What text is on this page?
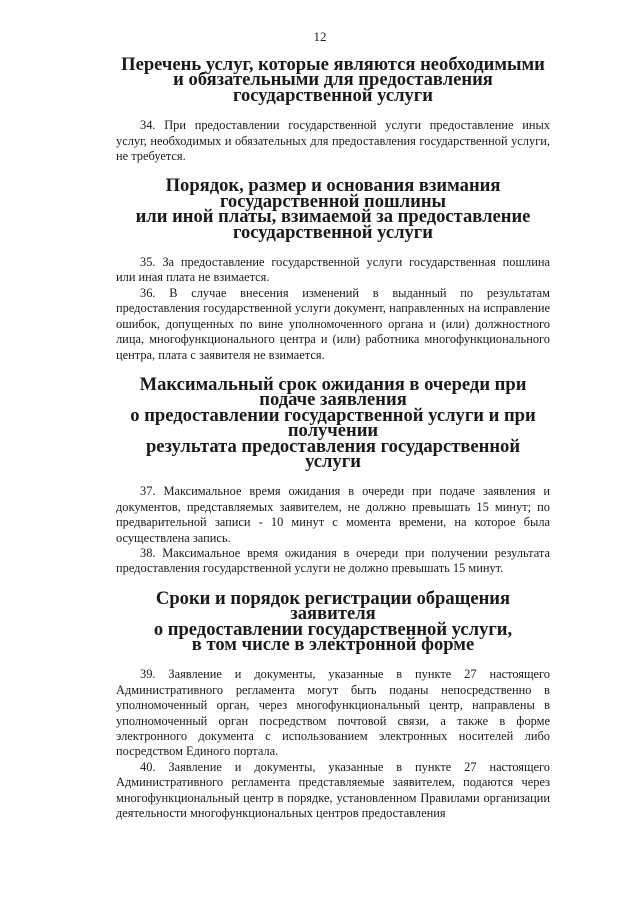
12
Перечень услуг, которые являются необходимыми
и обязательными для предоставления государственной услуги

34. При предоставлении государственной услуги предоставление иных услуг, необходимых и обязательных для предоставления государственной услуги, не требуется.

Порядок, размер и основания взимания государственной пошлины
или иной платы, взимаемой за предоставление
государственной услуги

35. За предоставление государственной услуги государственная пошлина или иная плата не взимается.

36. В случае внесения изменений в выданный по результатам предоставления государственной услуги документ, направленных на исправление ошибок, допущенных по вине уполномоченного органа и (или) должностного лица, многофункционального центра и (или) работника многофункционального центра, плата с заявителя не взимается.

Максимальный срок ожидания в очереди при подаче заявления
о предоставлении государственной услуги и при получении
результата предоставления государственной услуги

37. Максимальное время ожидания в очереди при подаче заявления и документов, представляемых заявителем, не должно превышать 15 минут; по предварительной записи - 10 минут с момента времени, на которое была осуществлена запись.

38. Максимальное время ожидания в очереди при получении результата предоставления государственной услуги не должно превышать 15 минут.

Сроки и порядок регистрации обращения заявителя
о предоставлении государственной услуги,
в том числе в электронной форме

39. Заявление и документы, указанные в пункте 27 настоящего Административного регламента могут быть поданы непосредственно в уполномоченный орган, через многофункциональный центр, направлены в уполномоченный орган посредством почтовой связи, а также в форме электронного документа с использованием электронных носителей либо посредством Единого портала.

40. Заявление и документы, указанные в пункте 27 настоящего Административного регламента представляемые заявителем, подаются через многофункциональный центр в порядке, установленном Правилами организации деятельности многофункциональных центров предоставления
